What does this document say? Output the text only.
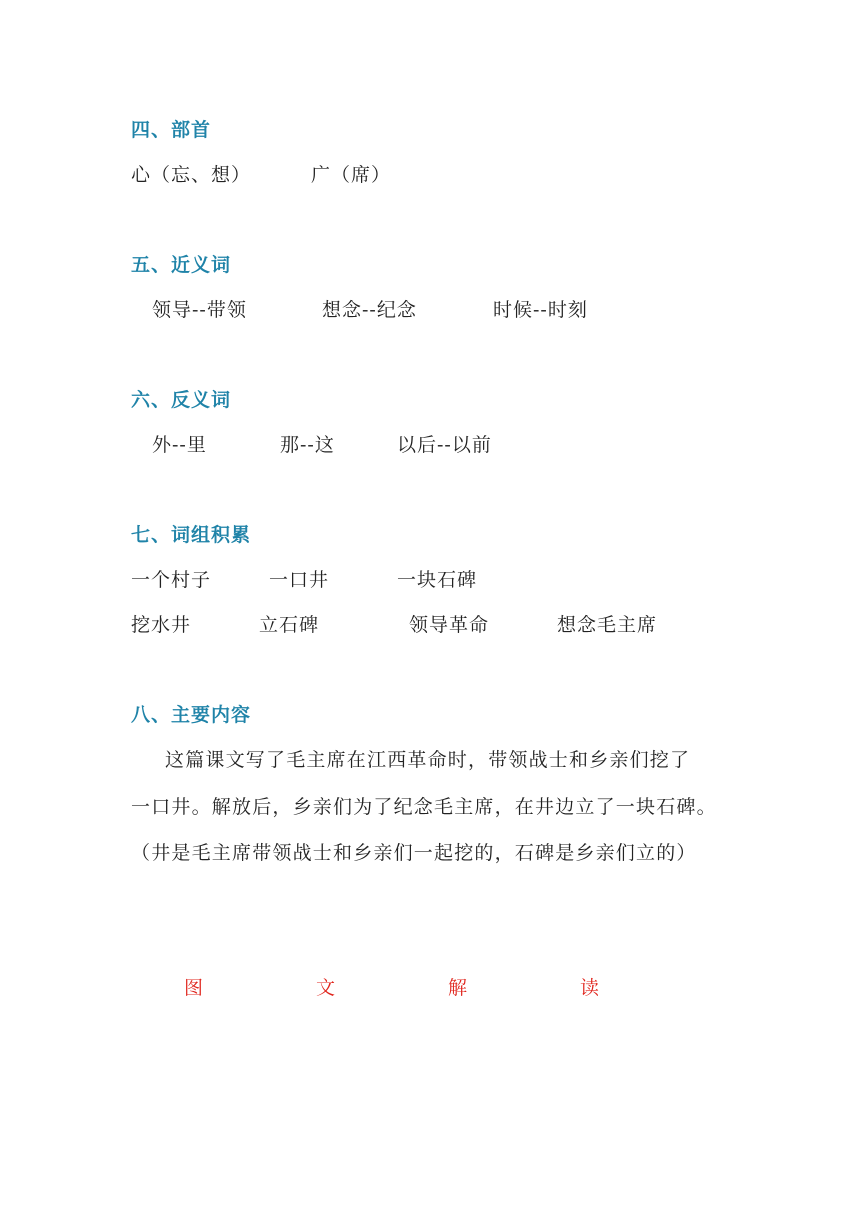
四、部首
心（忘、想）	广（席）
五、近义词
领导--带领	想念--纪念	时候--时刻
六、反义词
外--里	那--这	以后--以前
七、词组积累
一个村子	一口井	一块石碑
挖水井	立石碑	领导革命	想念毛主席
八、主要内容
这篇课文写了毛主席在江西革命时，带领战士和乡亲们挖了
一口井。解放后，乡亲们为了纪念毛主席，在井边立了一块石碑。
（井是毛主席带领战士和乡亲们一起挖的，石碑是乡亲们立的）
图	文	解	读
